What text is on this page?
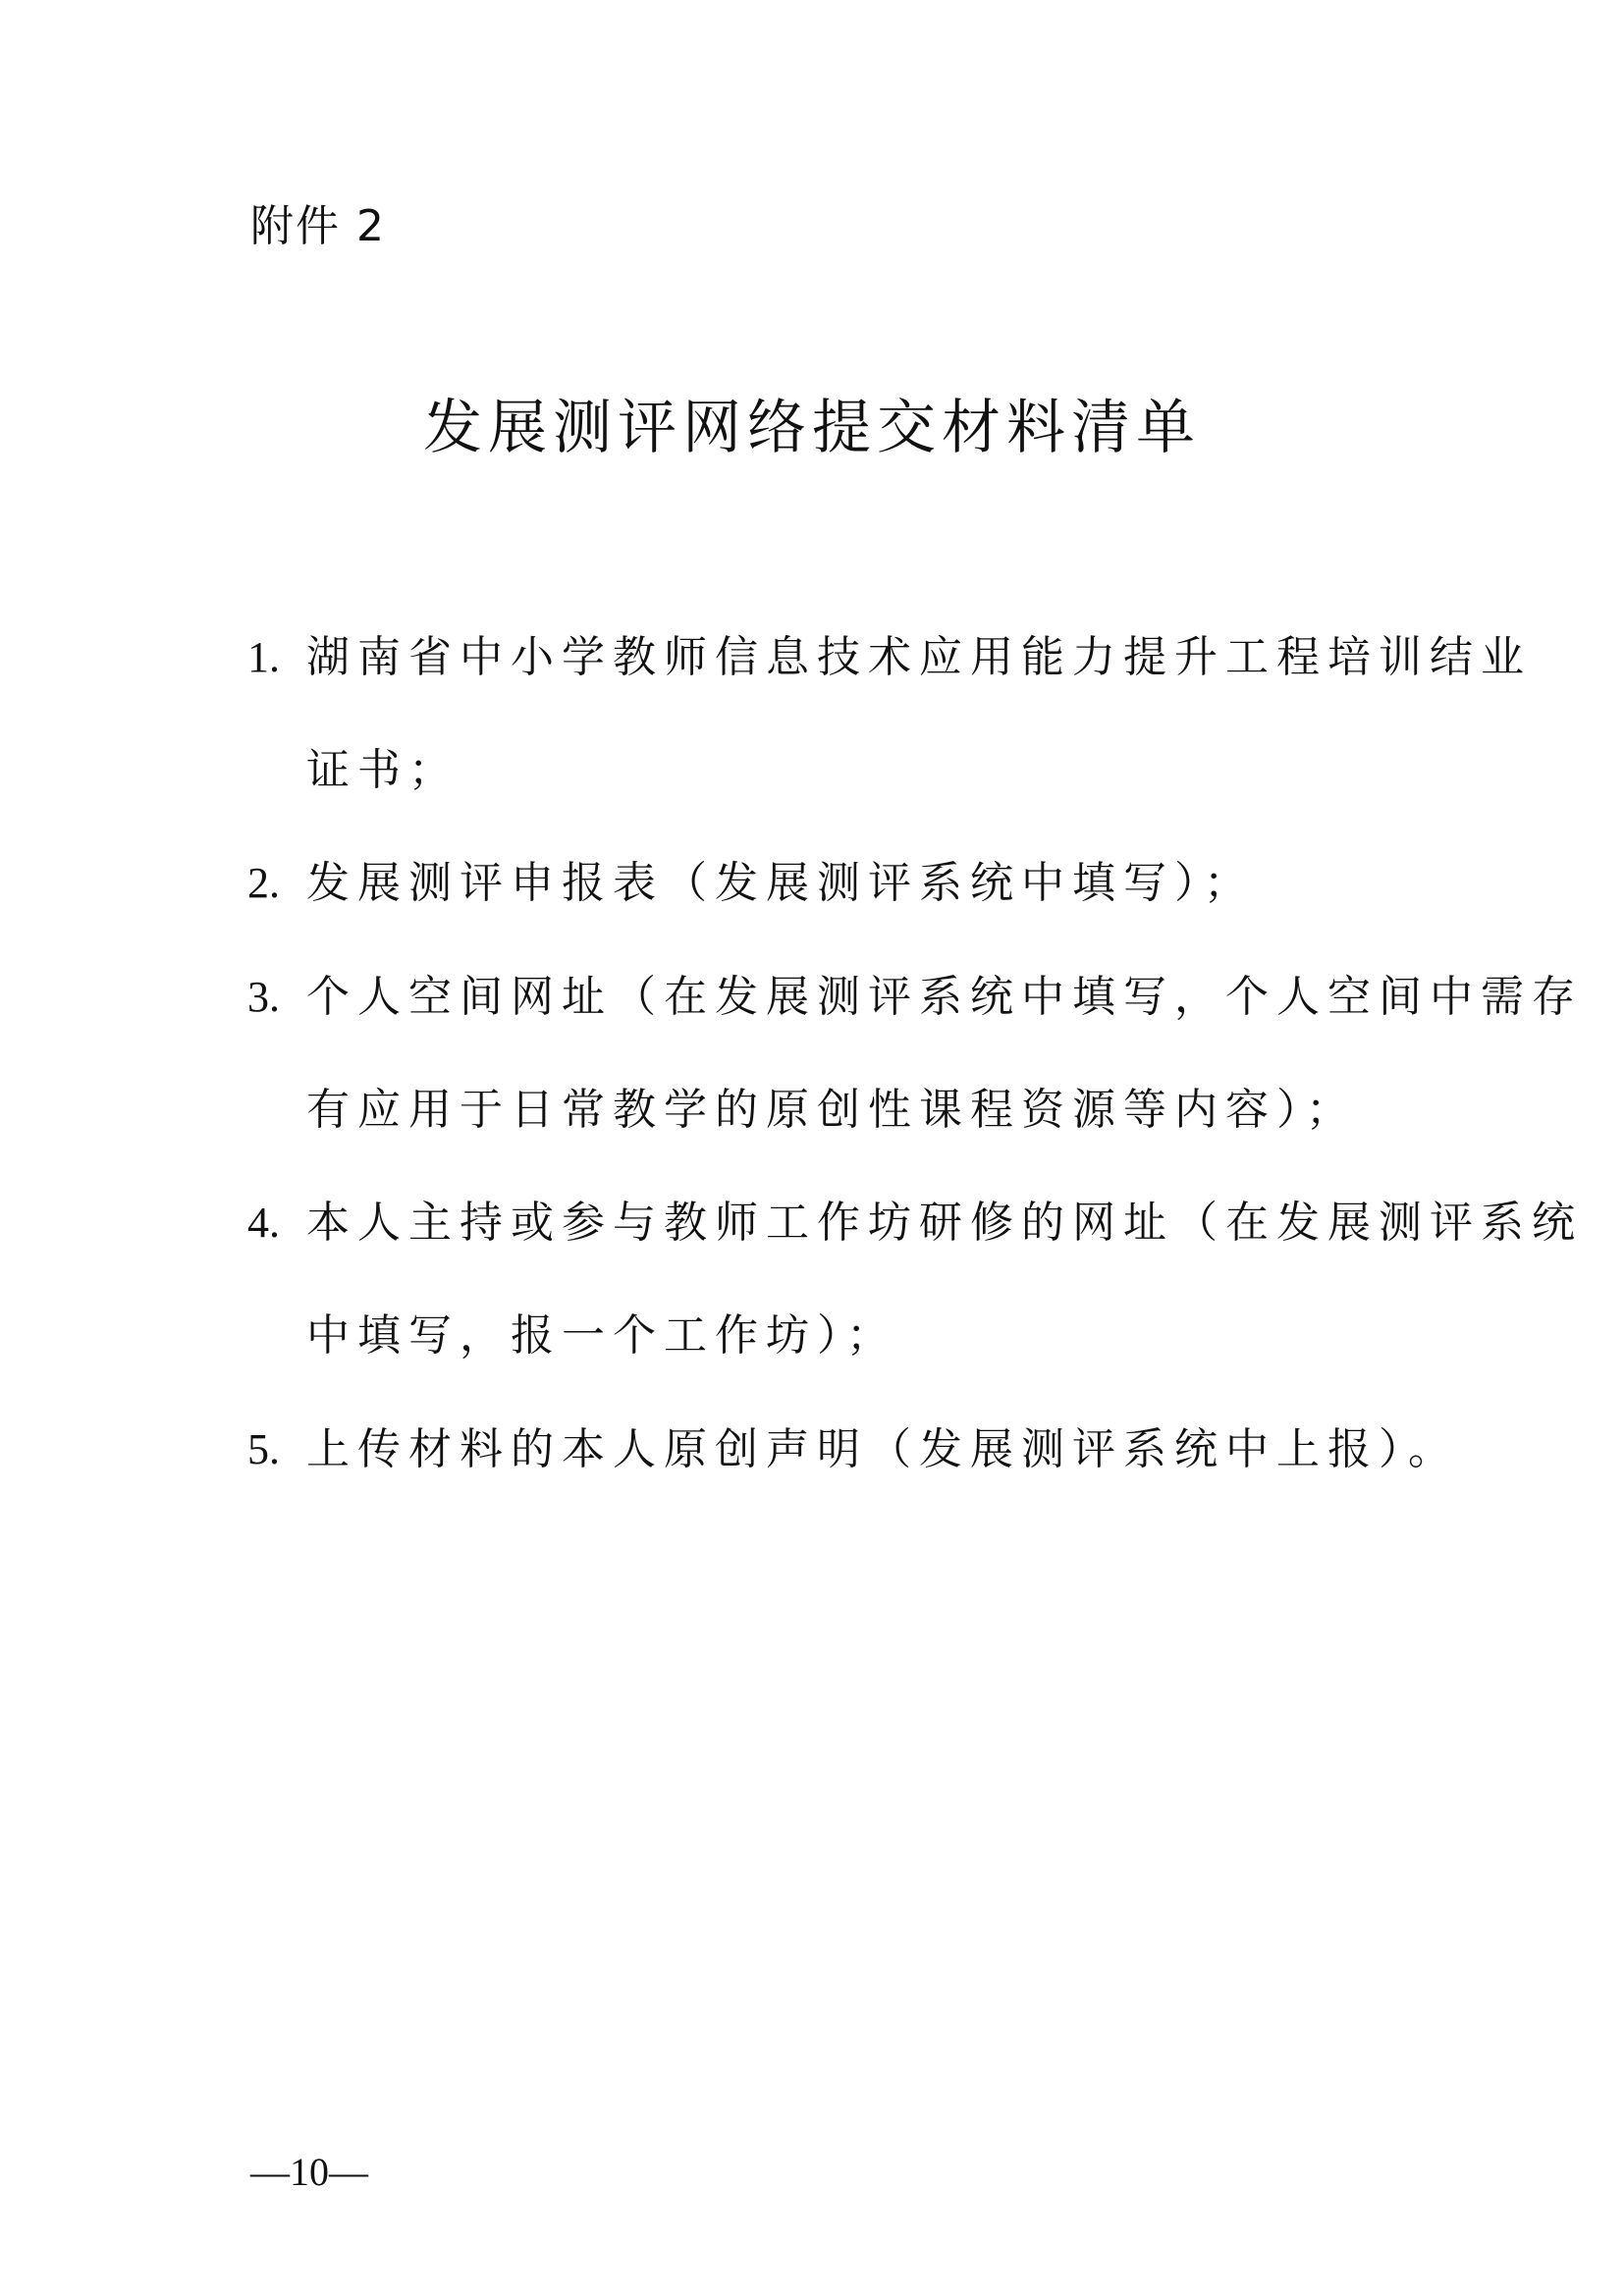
附件 2
发展测评网络提交材料清单
1. 湖南省中小学教师信息技术应用能力提升工程培训结业
证书；
2. 发展测评申报表（发展测评系统中填写）；
3. 个人空间网址（在发展测评系统中填写，个人空间中需存
有应用于日常教学的原创性课程资源等内容）；
4. 本人主持或参与教师工作坊研修的网址（在发展测评系统
中填写，报一个工作坊）；
5. 上传材料的本人原创声明（发展测评系统中上报）。
—10—
